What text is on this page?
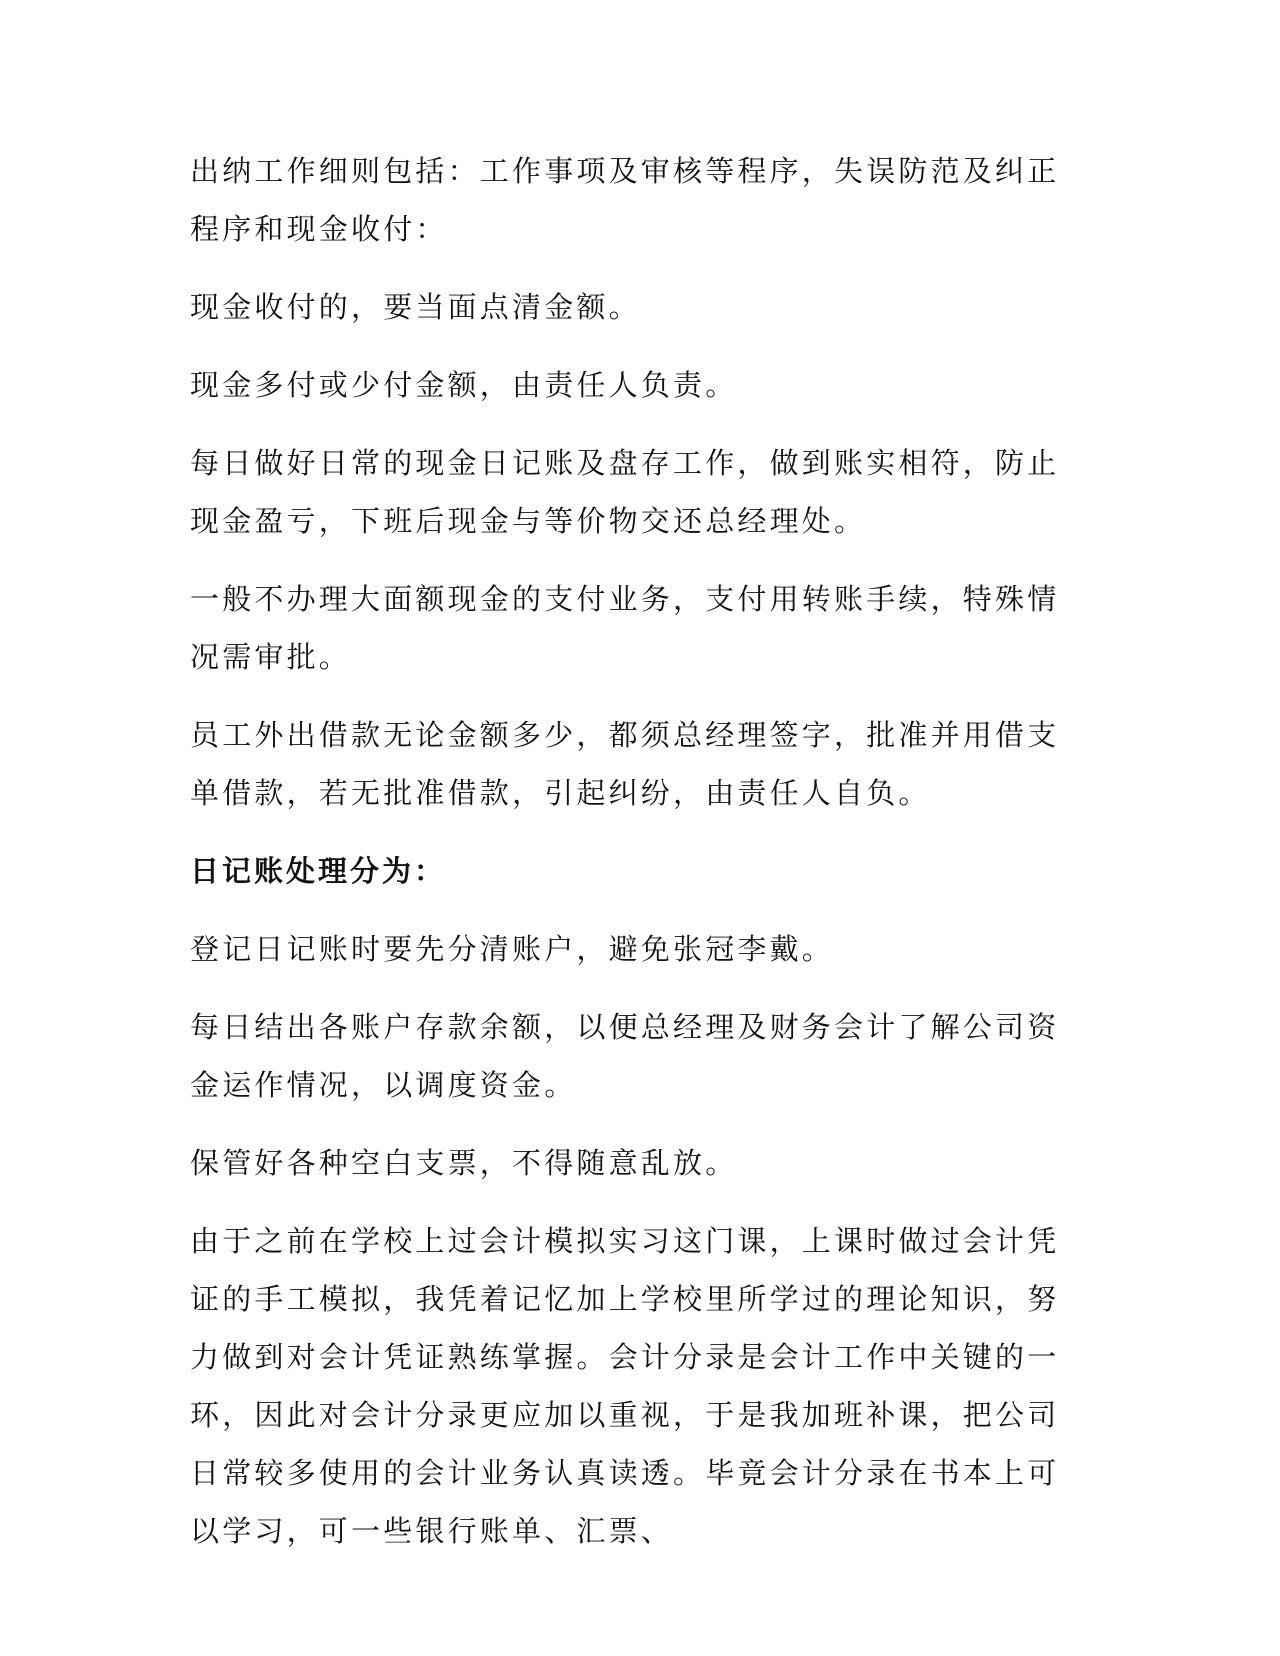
出纳工作细则包括：工作事项及审核等程序，失误防范及纠正程序和现金收付：

现金收付的，要当面点清金额。

现金多付或少付金额，由责任人负责。

每日做好日常的现金日记账及盘存工作，做到账实相符，防止现金盈亏，下班后现金与等价物交还总经理处。

一般不办理大面额现金的支付业务，支付用转账手续，特殊情况需审批。

员工外出借款无论金额多少，都须总经理签字，批准并用借支单借款，若无批准借款，引起纠纷，由责任人自负。

日记账处理分为：

登记日记账时要先分清账户，避免张冠李戴。

每日结出各账户存款余额，以便总经理及财务会计了解公司资金运作情况，以调度资金。

保管好各种空白支票，不得随意乱放。

由于之前在学校上过会计模拟实习这门课，上课时做过会计凭证的手工模拟，我凭着记忆加上学校里所学过的理论知识，努力做到对会计凭证熟练掌握。会计分录是会计工作中关键的一环，因此对会计分录更应加以重视，于是我加班补课，把公司日常较多使用的会计业务认真读透。毕竟会计分录在书本上可以学习，可一些银行账单、汇票、
